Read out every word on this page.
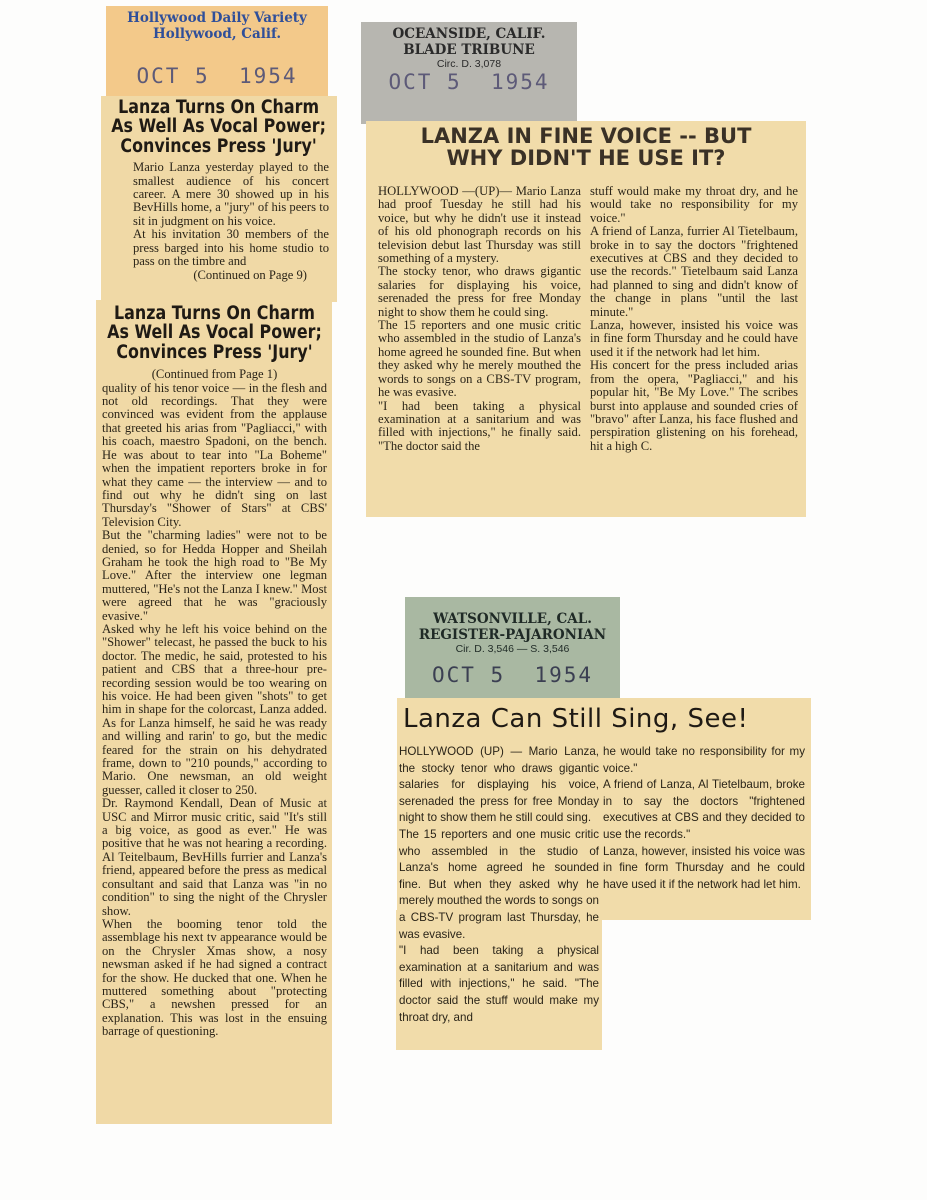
Hollywood Daily Variety
Hollywood, Calif.
OCT 5  1954
Lanza Turns On Charm
As Well As Vocal Power;
Convinces Press 'Jury'
Mario Lanza yesterday played to the smallest audience of his concert career. A mere 30 showed up in his BevHills home, a "jury" of his peers to sit in judgment on his voice.
At his invitation 30 members of the press barged into his home studio to pass on the timbre and
(Continued on Page 9)
Lanza Turns On Charm
As Well As Vocal Power;
Convinces Press 'Jury'
(Continued from Page 1)
quality of his tenor voice — in the flesh and not old recordings. That they were convinced was evident from the applause that greeted his arias from "Pagliacci," with his coach, maestro Spadoni, on the bench. He was about to tear into "La Boheme" when the impatient reporters broke in for what they came — the interview — and to find out why he didn't sing on last Thursday's "Shower of Stars" at CBS' Television City.
But the "charming ladies" were not to be denied, so for Hedda Hopper and Sheilah Graham he took the high road to "Be My Love." After the interview one legman muttered, "He's not the Lanza I knew." Most were agreed that he was "graciously evasive."
Asked why he left his voice behind on the "Shower" telecast, he passed the buck to his doctor. The medic, he said, protested to his patient and CBS that a three-hour pre-recording session would be too wearing on his voice. He had been given "shots" to get him in shape for the colorcast, Lanza added. As for Lanza himself, he said he was ready and willing and rarin' to go, but the medic feared for the strain on his dehydrated frame, down to "210 pounds," according to Mario. One newsman, an old weight guesser, called it closer to 250.
Dr. Raymond Kendall, Dean of Music at USC and Mirror music critic, said "It's still a big voice, as good as ever." He was positive that he was not hearing a recording. Al Teitelbaum, BevHills furrier and Lanza's friend, appeared before the press as medical consultant and said that Lanza was "in no condition" to sing the night of the Chrysler show.
When the booming tenor told the assemblage his next tv appearance would be on the Chrysler Xmas show, a nosy newsman asked if he had signed a contract for the show. He ducked that one. When he muttered something about "protecting CBS," a newshen pressed for an explanation. This was lost in the ensuing barrage of questioning.
OCEANSIDE, CALIF.
BLADE TRIBUNE
Circ. D. 3,078
OCT 5  1954
LANZA IN FINE VOICE -- BUT
WHY DIDN'T HE USE IT?
HOLLYWOOD —(UP)— Mario Lanza had proof Tuesday he still had his voice, but why he didn't use it instead of his old phonograph records on his television debut last Thursday was still something of a mystery.
The stocky tenor, who draws gigantic salaries for displaying his voice, serenaded the press for free Monday night to show them he could sing.
The 15 reporters and one music critic who assembled in the studio of Lanza's home agreed he sounded fine. But when they asked why he merely mouthed the words to songs on a CBS-TV program, he was evasive.
"I had been taking a physical examination at a sanitarium and was filled with injections," he finally said. "The doctor said the
stuff would make my throat dry, and he would take no responsibility for my voice."
A friend of Lanza, furrier Al Tietelbaum, broke in to say the doctors "frightened executives at CBS and they decided to use the records." Tietelbaum said Lanza had planned to sing and didn't know of the change in plans "until the last minute."
Lanza, however, insisted his voice was in fine form Thursday and he could have used it if the network had let him.
His concert for the press included arias from the opera, "Pagliacci," and his popular hit, "Be My Love." The scribes burst into applause and sounded cries of "bravo" after Lanza, his face flushed and perspiration glistening on his forehead, hit a high C.
WATSONVILLE, CAL.
REGISTER-PAJARONIAN
Cir. D. 3,546 — S. 3,546
OCT 5  1954
Lanza Can Still Sing, See!
HOLLYWOOD (UP) — Mario Lanza, the stocky tenor who draws gigantic salaries for displaying his voice, serenaded the press for free Monday night to show them he still could sing.
The 15 reporters and one music critic who assembled in the studio of Lanza's home agreed he sounded fine. But when they asked why he merely mouthed the words to songs on a CBS-TV program last Thursday, he was evasive.
"I had been taking a physical examination at a sanitarium and was filled with injections," he said. "The doctor said the stuff would make my throat dry, and
he would take no responsibility for my voice."
A friend of Lanza, Al Tietelbaum, broke in to say the doctors "frightened executives at CBS and they decided to use the records."
Lanza, however, insisted his voice was in fine form Thursday and he could have used it if the network had let him.
